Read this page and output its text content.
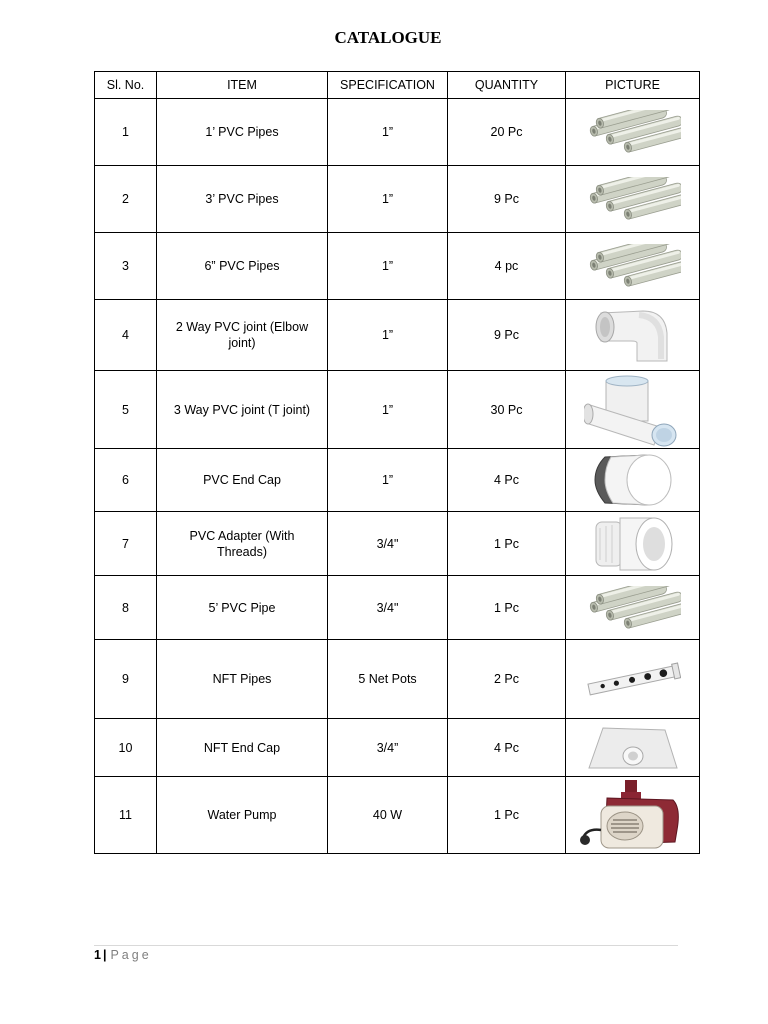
CATALOGUE
Sl. No.	ITEM	SPECIFICATION	QUANTITY	PICTURE
1	1’ PVC Pipes	1”	20 Pc	

2	3’ PVC Pipes	1”	9 Pc	

3	6” PVC Pipes	1”	4 pc	

4	2 Way PVC joint (Elbow joint)	1”	9 Pc	

5	3 Way PVC joint (T joint)	1”	30 Pc	

6	PVC End Cap	1”	4 Pc	

7	PVC Adapter (With Threads)	3/4"	1 Pc	

8	5’ PVC Pipe	3/4"	1 Pc	

9	NFT Pipes	5 Net Pots	2 Pc	

10	NFT End Cap	3/4”	4 Pc	

11	Water Pump	40 W	1 Pc	
1 | Page
